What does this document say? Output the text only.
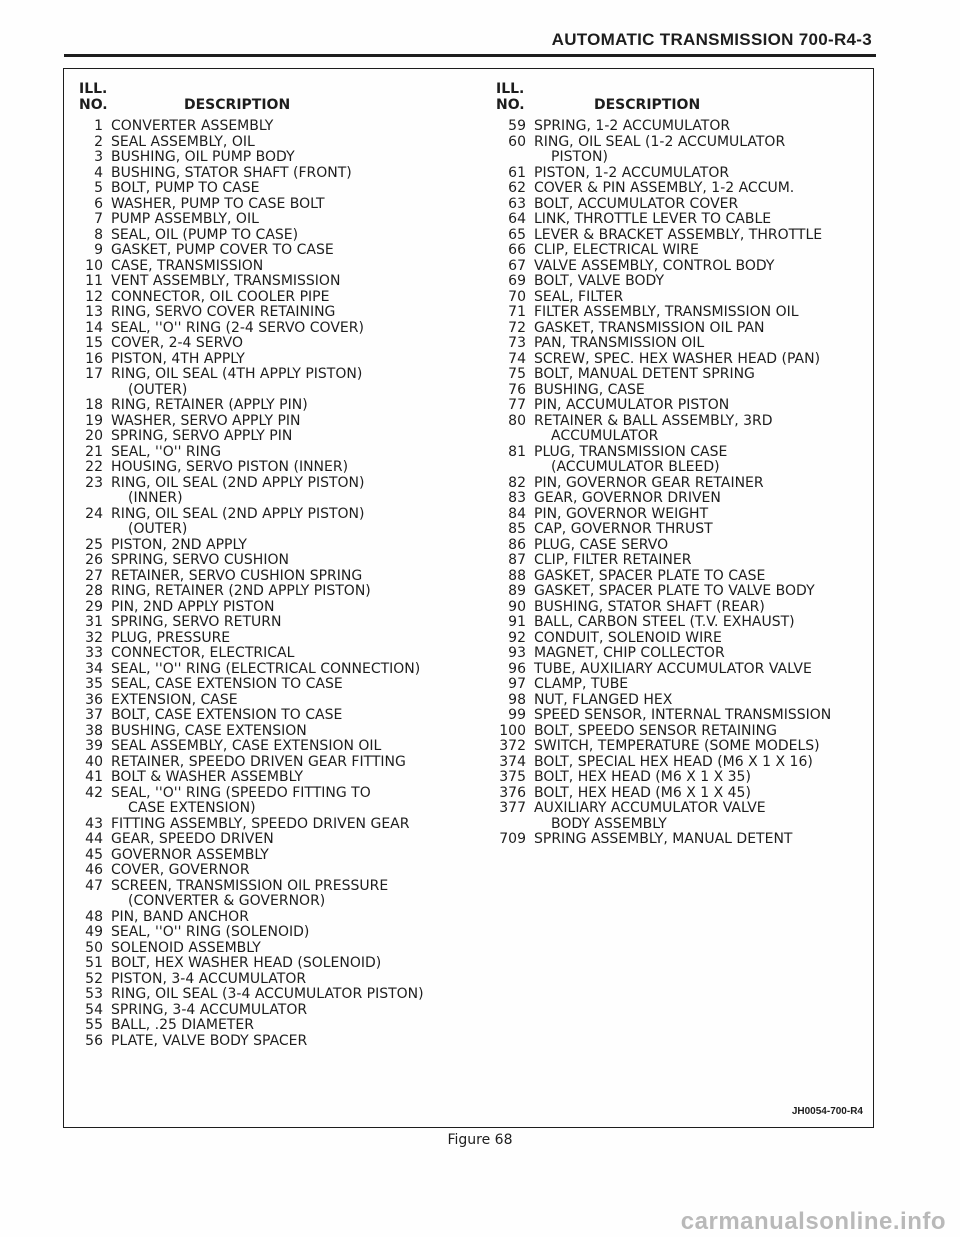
AUTOMATIC TRANSMISSION 700-R4-3
ILL.
NO.	DESCRIPTION
1 CONVERTER ASSEMBLY
2 SEAL ASSEMBLY, OIL
3 BUSHING, OIL PUMP BODY
4 BUSHING, STATOR SHAFT (FRONT)
5 BOLT, PUMP TO CASE
6 WASHER, PUMP TO CASE BOLT
7 PUMP ASSEMBLY, OIL
8 SEAL, OIL (PUMP TO CASE)
9 GASKET, PUMP COVER TO CASE
10 CASE, TRANSMISSION
11 VENT ASSEMBLY, TRANSMISSION
12 CONNECTOR, OIL COOLER PIPE
13 RING, SERVO COVER RETAINING
14 SEAL, ''O'' RING (2-4 SERVO COVER)
15 COVER, 2-4 SERVO
16 PISTON, 4TH APPLY
17 RING, OIL SEAL (4TH APPLY PISTON)
(OUTER)
18 RING, RETAINER (APPLY PIN)
19 WASHER, SERVO APPLY PIN
20 SPRING, SERVO APPLY PIN
21 SEAL, ''O'' RING
22 HOUSING, SERVO PISTON (INNER)
23 RING, OIL SEAL (2ND APPLY PISTON)
(INNER)
24 RING, OIL SEAL (2ND APPLY PISTON)
(OUTER)
25 PISTON, 2ND APPLY
26 SPRING, SERVO CUSHION
27 RETAINER, SERVO CUSHION SPRING
28 RING, RETAINER (2ND APPLY PISTON)
29 PIN, 2ND APPLY PISTON
31 SPRING, SERVO RETURN
32 PLUG, PRESSURE
33 CONNECTOR, ELECTRICAL
34 SEAL, ''O'' RING (ELECTRICAL CONNECTION)
35 SEAL, CASE EXTENSION TO CASE
36 EXTENSION, CASE
37 BOLT, CASE EXTENSION TO CASE
38 BUSHING, CASE EXTENSION
39 SEAL ASSEMBLY, CASE EXTENSION OIL
40 RETAINER, SPEEDO DRIVEN GEAR FITTING
41 BOLT & WASHER ASSEMBLY
42 SEAL, ''O'' RING (SPEEDO FITTING TO
CASE EXTENSION)
43 FITTING ASSEMBLY, SPEEDO DRIVEN GEAR
44 GEAR, SPEEDO DRIVEN
45 GOVERNOR ASSEMBLY
46 COVER, GOVERNOR
47 SCREEN, TRANSMISSION OIL PRESSURE
(CONVERTER & GOVERNOR)
48 PIN, BAND ANCHOR
49 SEAL, ''O'' RING (SOLENOID)
50 SOLENOID ASSEMBLY
51 BOLT, HEX WASHER HEAD (SOLENOID)
52 PISTON, 3-4 ACCUMULATOR
53 RING, OIL SEAL (3-4 ACCUMULATOR PISTON)
54 SPRING, 3-4 ACCUMULATOR
55 BALL, .25 DIAMETER
56 PLATE, VALVE BODY SPACER
ILL.
NO.	DESCRIPTION
59 SPRING, 1-2 ACCUMULATOR
60 RING, OIL SEAL (1-2 ACCUMULATOR
PISTON)
61 PISTON, 1-2 ACCUMULATOR
62 COVER & PIN ASSEMBLY, 1-2 ACCUM.
63 BOLT, ACCUMULATOR COVER
64 LINK, THROTTLE LEVER TO CABLE
65 LEVER & BRACKET ASSEMBLY, THROTTLE
66 CLIP, ELECTRICAL WIRE
67 VALVE ASSEMBLY, CONTROL BODY
69 BOLT, VALVE BODY
70 SEAL, FILTER
71 FILTER ASSEMBLY, TRANSMISSION OIL
72 GASKET, TRANSMISSION OIL PAN
73 PAN, TRANSMISSION OIL
74 SCREW, SPEC. HEX WASHER HEAD (PAN)
75 BOLT, MANUAL DETENT SPRING
76 BUSHING, CASE
77 PIN, ACCUMULATOR PISTON
80 RETAINER & BALL ASSEMBLY, 3RD
ACCUMULATOR
81 PLUG, TRANSMISSION CASE
(ACCUMULATOR BLEED)
82 PIN, GOVERNOR GEAR RETAINER
83 GEAR, GOVERNOR DRIVEN
84 PIN, GOVERNOR WEIGHT
85 CAP, GOVERNOR THRUST
86 PLUG, CASE SERVO
87 CLIP, FILTER RETAINER
88 GASKET, SPACER PLATE TO CASE
89 GASKET, SPACER PLATE TO VALVE BODY
90 BUSHING, STATOR SHAFT (REAR)
91 BALL, CARBON STEEL (T.V. EXHAUST)
92 CONDUIT, SOLENOID WIRE
93 MAGNET, CHIP COLLECTOR
96 TUBE, AUXILIARY ACCUMULATOR VALVE
97 CLAMP, TUBE
98 NUT, FLANGED HEX
99 SPEED SENSOR, INTERNAL TRANSMISSION
100 BOLT, SPEEDO SENSOR RETAINING
372 SWITCH, TEMPERATURE (SOME MODELS)
374 BOLT, SPECIAL HEX HEAD (M6 X 1 X 16)
375 BOLT, HEX HEAD (M6 X 1 X 35)
376 BOLT, HEX HEAD (M6 X 1 X 45)
377 AUXILIARY ACCUMULATOR VALVE
BODY ASSEMBLY
709 SPRING ASSEMBLY, MANUAL DETENT
JH0054-700-R4
Figure 68
carmanualsonline.info
